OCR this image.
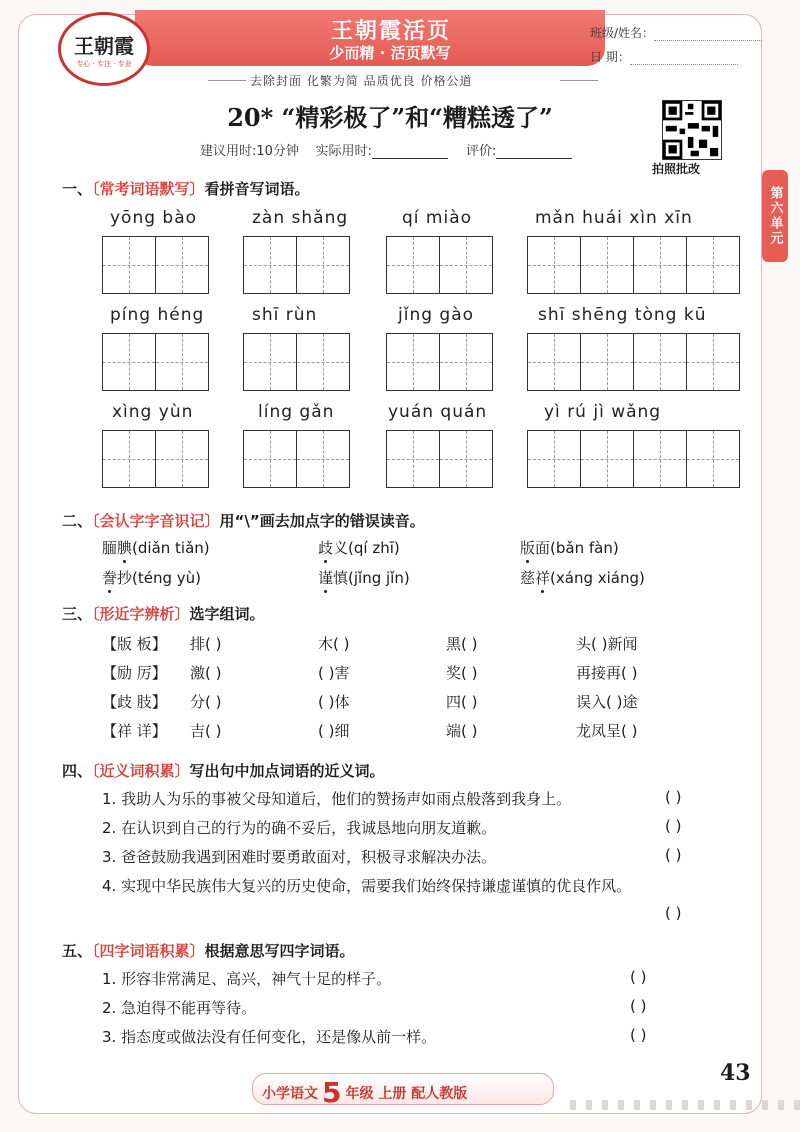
王朝霞
专心 · 专注 · 专业
王朝霞活页
少而精 · 活页默写
去除封面 化繁为简 品质优良 价格公道
班级/姓名：
日 期：
20* “精彩极了”和“糟糕透了”
建议用时:10分钟 实际用时:	评价:
拍照批改
第六单元
一、〔常考词语默写〕看拼音写词语。
yōng bào	zàn shǎng	qí miào	mǎn huái xìn xīn
píng héng	shī rùn	jǐng gào	shī shēng tòng kū
xìng yùn	líng gǎn	yuán quán	yì rú jì wǎng
二、〔会认字字音识记〕用“\”画去加点字的错误读音。
腼腆(diǎn tiǎn)	歧义(qí zhī)	版面(bǎn fàn)
誊抄(téng yù)	谨慎(jǐng jǐn)	慈祥(xáng xiáng)
三、〔形近字辨析〕选字组词。
【版 板】 排( )	木( )	黑( )	头( )新闻
【励 厉】 激( )	( )害	奖( )	再接再( )
【歧 肢】 分( )	( )体	四( )	误入( )途
【祥 详】 吉( )	( )细	端( )	龙凤呈( )
四、〔近义词积累〕写出句中加点词语的近义词。
1. 我助人为乐的事被父母知道后，他们的赞扬声如雨点般落到我身上。	( )
2. 在认识到自己的行为的确不妥后，我诚恳地向朋友道歉。	( )
3. 爸爸鼓励我遇到困难时要勇敢面对，积极寻求解决办法。	( )
4. 实现中华民族伟大复兴的历史使命，需要我们始终保持谦虚谨慎的优良作风。
( )
五、〔四字词语积累〕根据意思写四字词语。
1. 形容非常满足、高兴，神气十足的样子。	( )
2. 急迫得不能再等待。	( )
3. 指态度或做法没有任何变化，还是像从前一样。	( )
小学语文 5 年级 上册 配人教版
43
